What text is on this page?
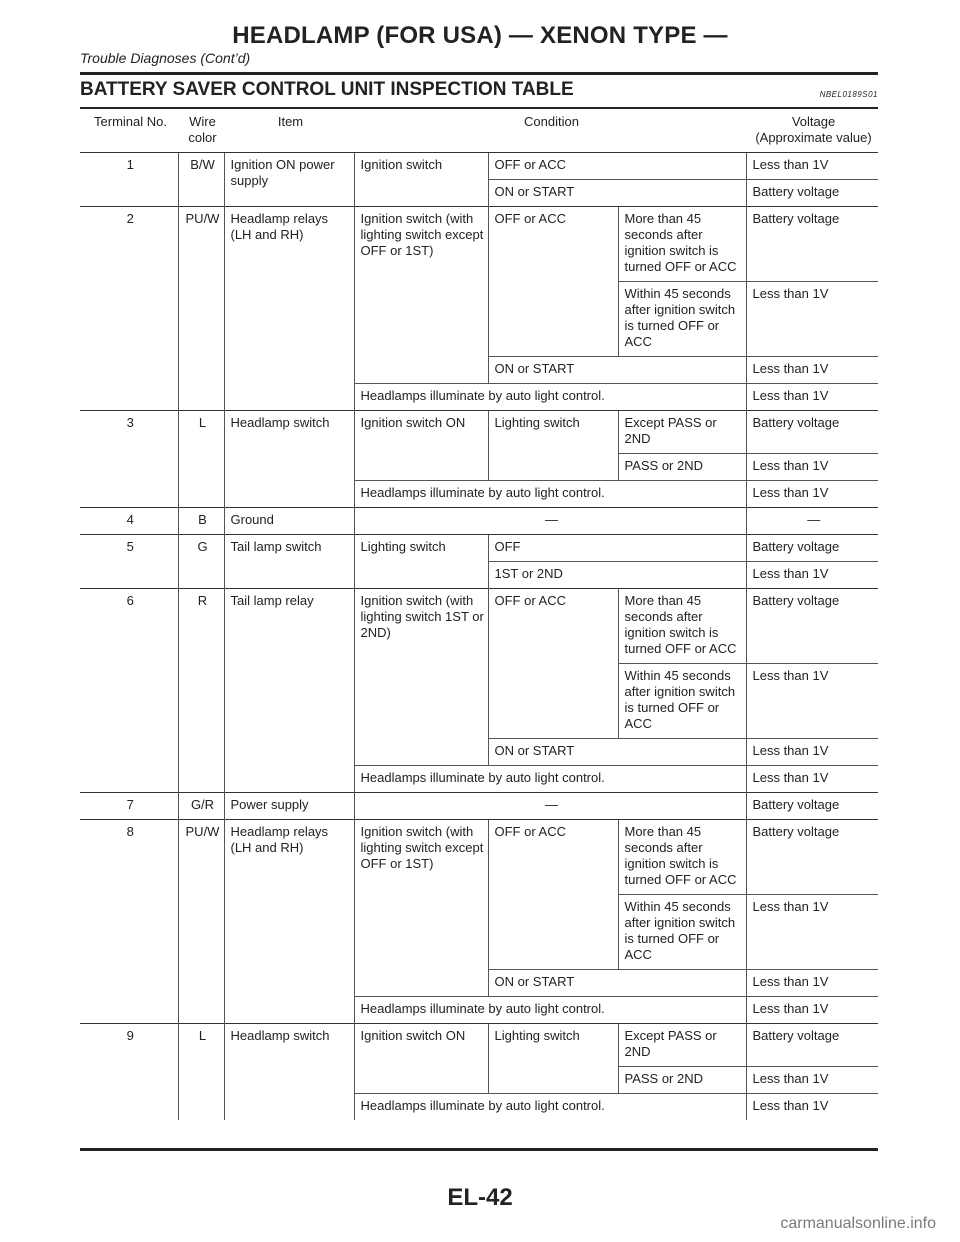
HEADLAMP (FOR USA) — XENON TYPE —
Trouble Diagnoses (Cont’d)
BATTERY SAVER CONTROL UNIT INSPECTION TABLE	NBEL0189S01
Terminal No.	Wire color	Item	Condition			Voltage (Approximate value)
1	B/W	Ignition ON power supply	Ignition switch	OFF or ACC		Less than 1V
				ON or START		Battery voltage
2	PU/W	Headlamp relays (LH and RH)	Ignition switch (with lighting switch except OFF or 1ST)	OFF or ACC	More than 45 seconds after ignition switch is turned OFF or ACC	Battery voltage
					Within 45 seconds after ignition switch is turned OFF or ACC	Less than 1V
				ON or START		Less than 1V
			Headlamps illuminate by auto light control.			Less than 1V
3	L	Headlamp switch	Ignition switch ON	Lighting switch	Except PASS or 2ND	Battery voltage
					PASS or 2ND	Less than 1V
			Headlamps illuminate by auto light control.			Less than 1V
4	B	Ground	—			—
5	G	Tail lamp switch	Lighting switch	OFF		Battery voltage
				1ST or 2ND		Less than 1V
6	R	Tail lamp relay	Ignition switch (with lighting switch 1ST or 2ND)	OFF or ACC	More than 45 seconds after ignition switch is turned OFF or ACC	Battery voltage
					Within 45 seconds after ignition switch is turned OFF or ACC	Less than 1V
				ON or START		Less than 1V
			Headlamps illuminate by auto light control.			Less than 1V
7	G/R	Power supply	—			Battery voltage
8	PU/W	Headlamp relays (LH and RH)	Ignition switch (with lighting switch except OFF or 1ST)	OFF or ACC	More than 45 seconds after ignition switch is turned OFF or ACC	Battery voltage
					Within 45 seconds after ignition switch is turned OFF or ACC	Less than 1V
				ON or START		Less than 1V
			Headlamps illuminate by auto light control.			Less than 1V
9	L	Headlamp switch	Ignition switch ON	Lighting switch	Except PASS or 2ND	Battery voltage
					PASS or 2ND	Less than 1V
			Headlamps illuminate by auto light control.			Less than 1V
EL-42
carmanualsonline.info
